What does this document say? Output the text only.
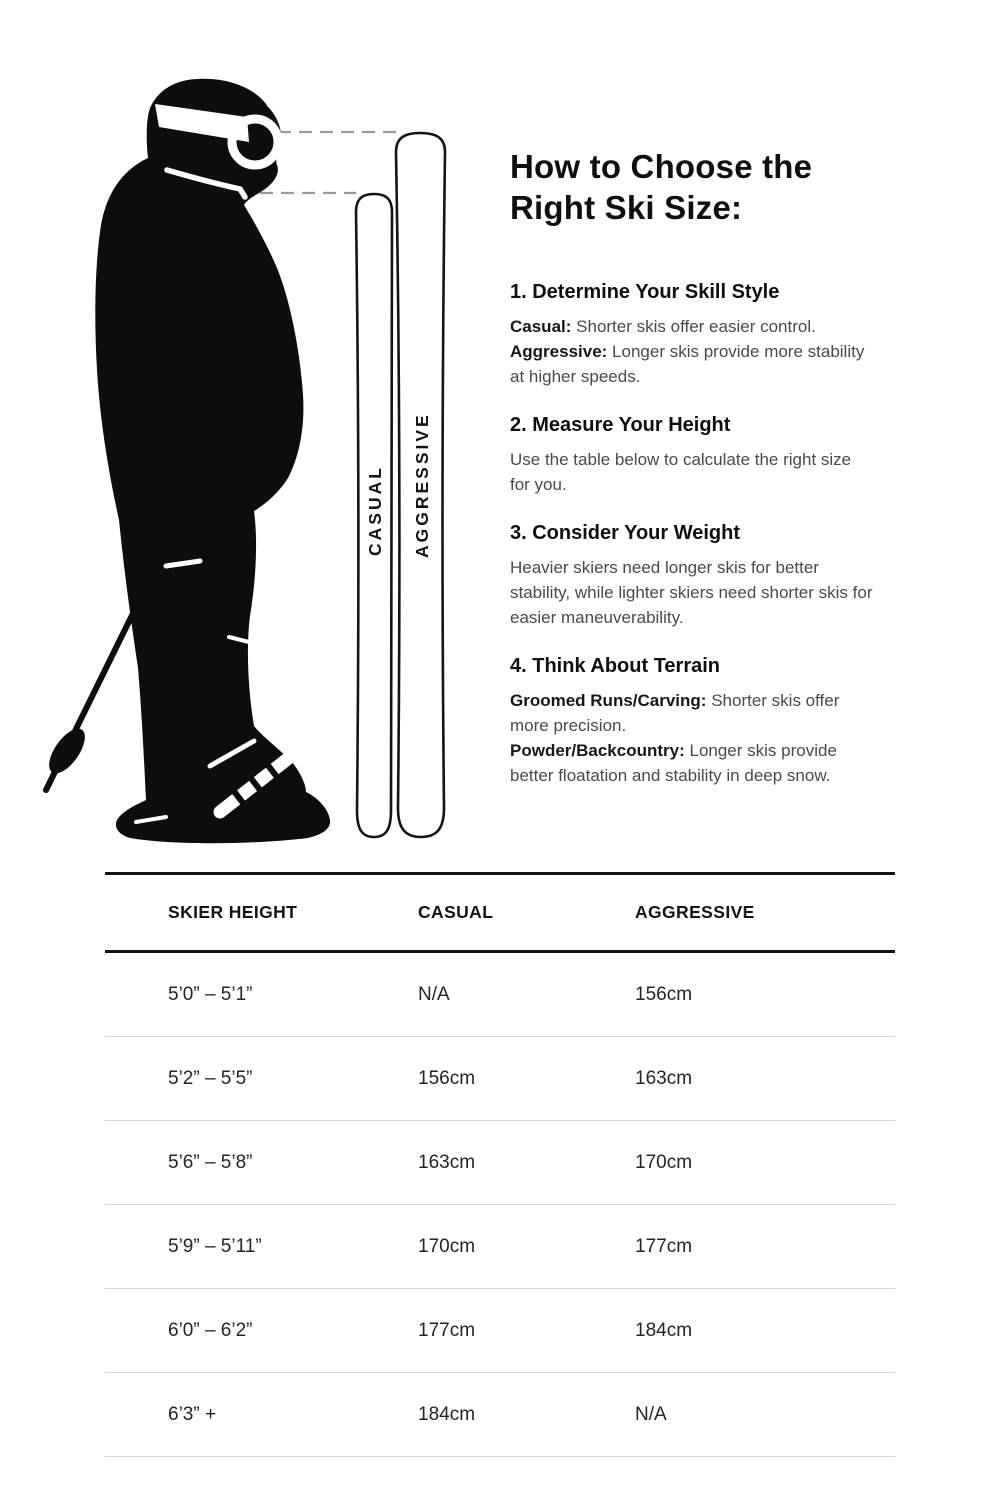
CASUAL AGGRESSIVE
How to Choose the
Right Ski Size:
1. Determine Your Skill Style
Casual: Shorter skis offer easier control.
Aggressive: Longer skis provide more stability at higher speeds.
2. Measure Your Height
Use the table below to calculate the right size for you.
3. Consider Your Weight
Heavier skiers need longer skis for better stability, while lighter skiers need shorter skis for easier maneuverability.
4. Think About Terrain
Groomed Runs/Carving: Shorter skis offer more precision.
Powder/Backcountry: Longer skis provide better floatation and stability in deep snow.
SKIER HEIGHT	CASUAL	AGGRESSIVE
5’0” – 5’1”	N/A	156cm
5’2” – 5’5”	156cm	163cm
5’6” – 5’8”	163cm	170cm
5’9” – 5’11”	170cm	177cm
6’0” – 6’2”	177cm	184cm
6’3” +	184cm	N/A
